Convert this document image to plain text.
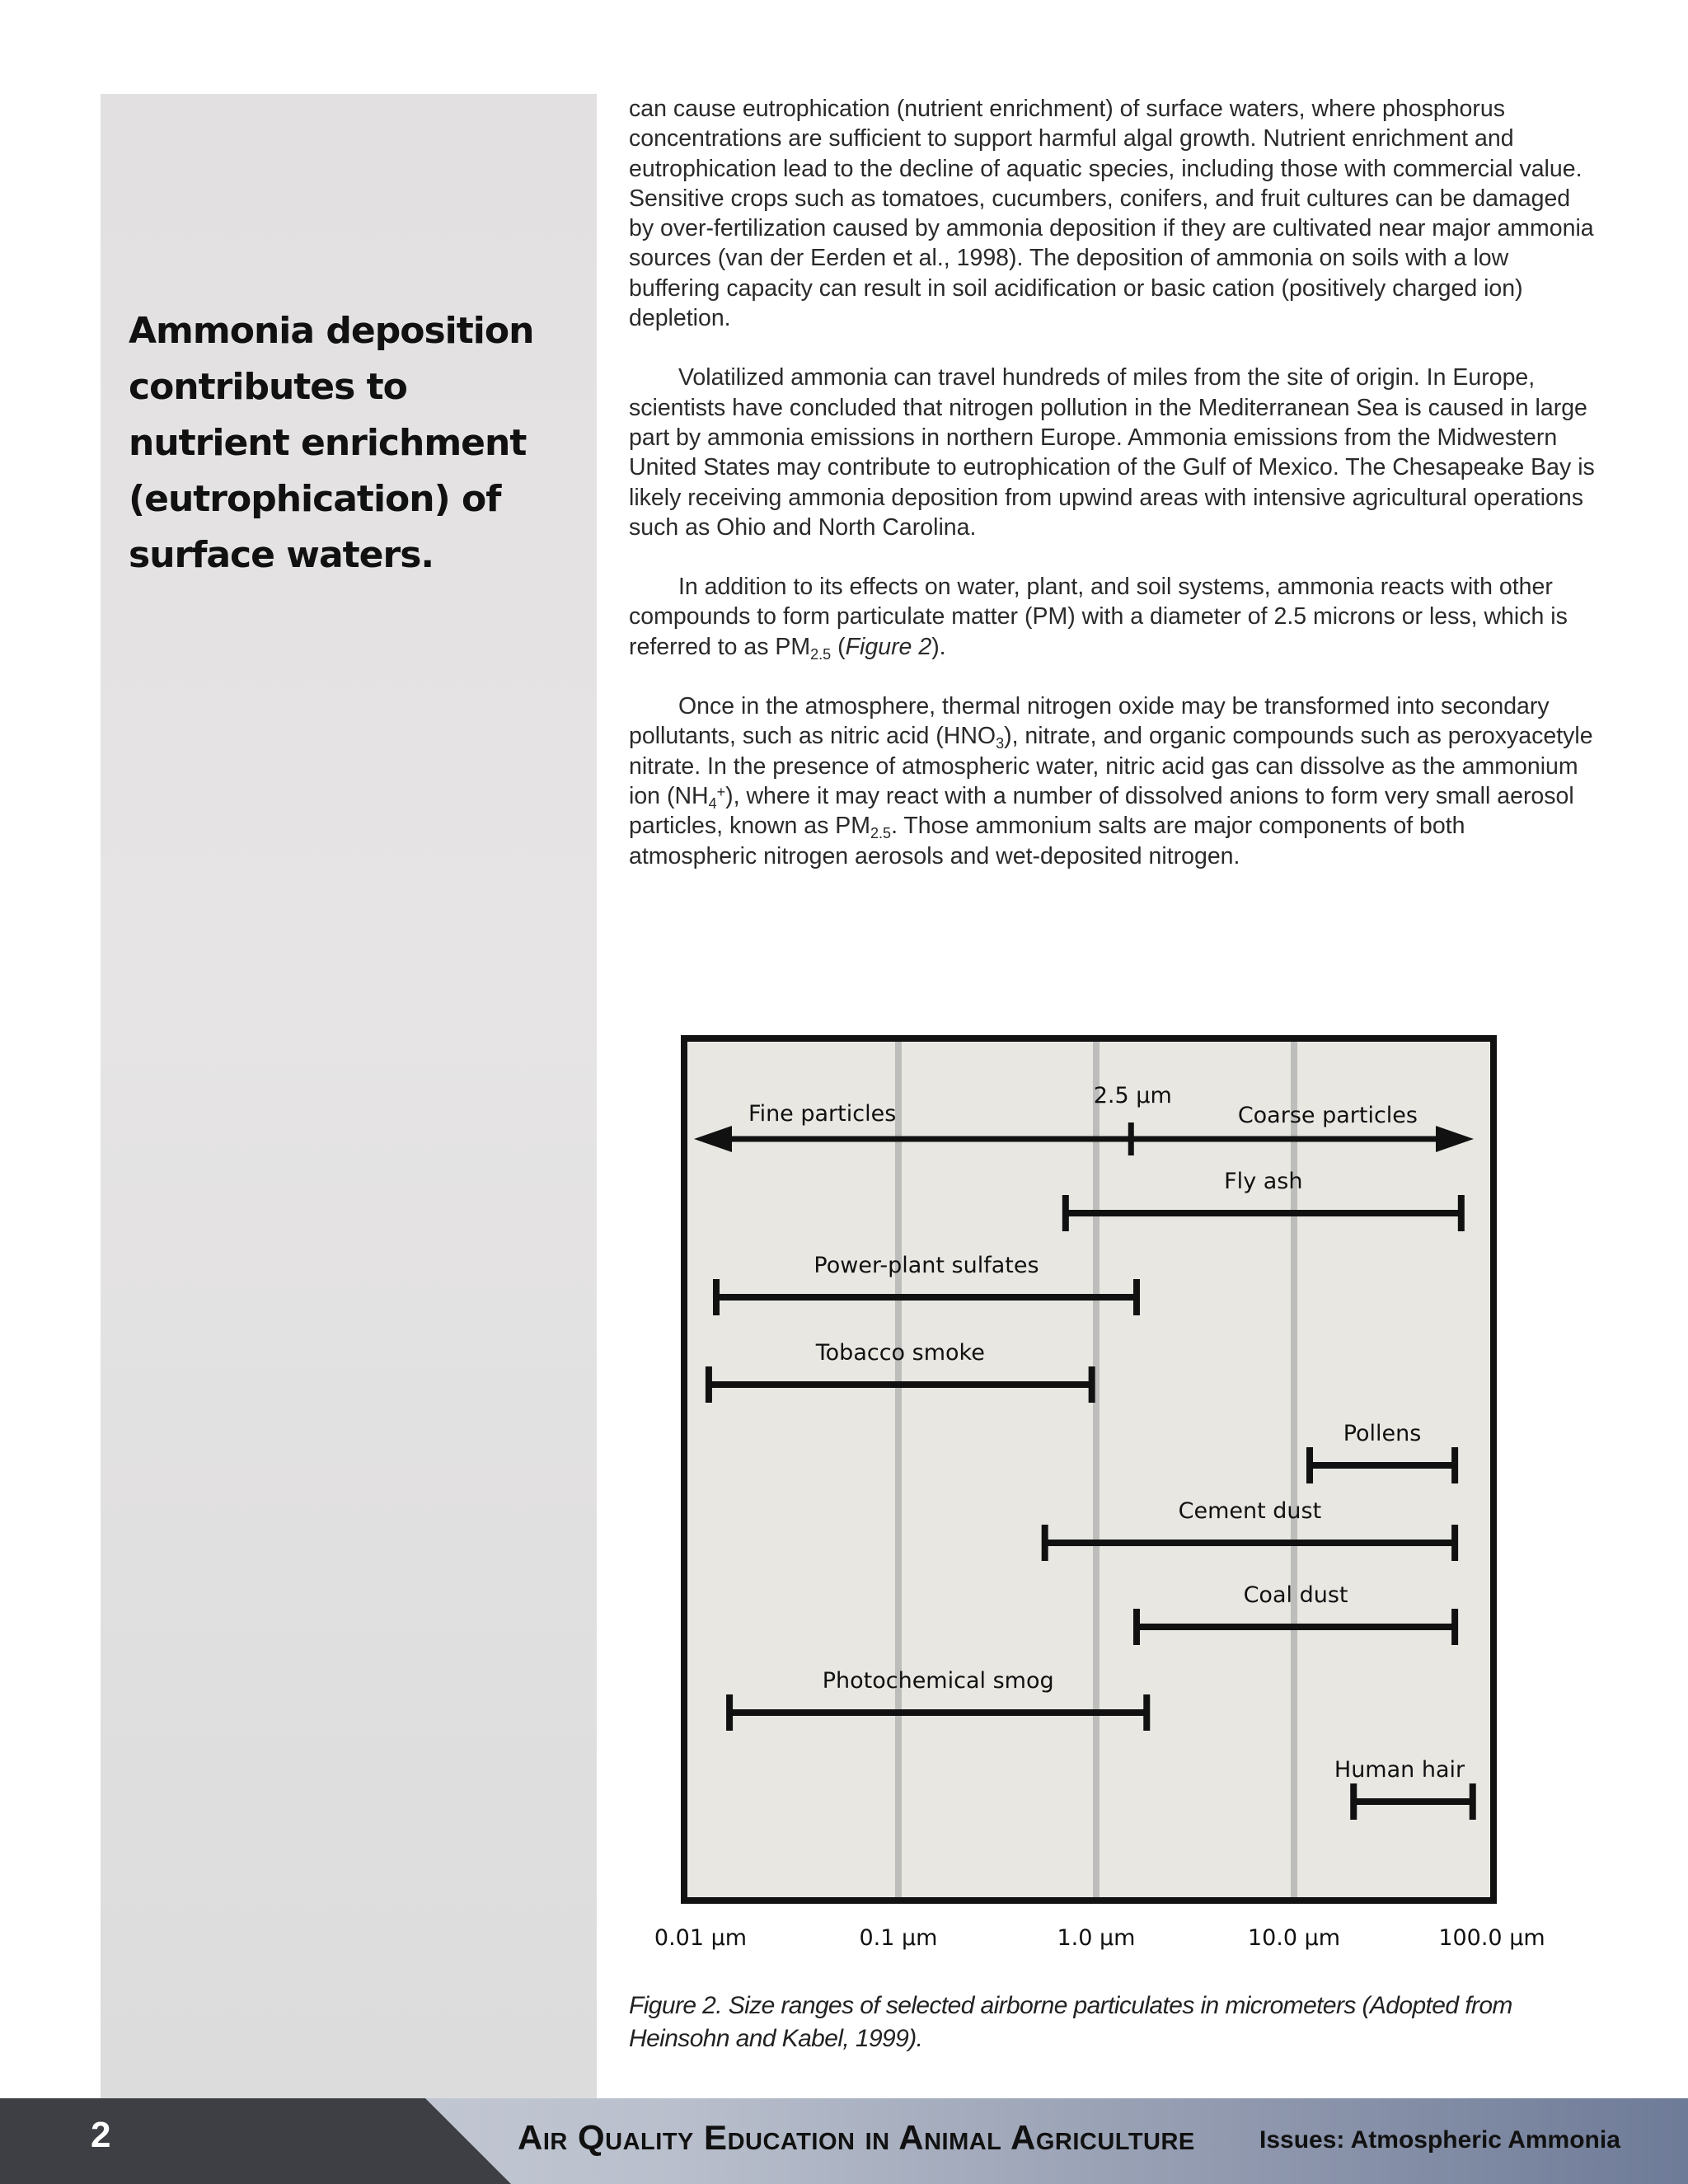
Ammonia deposition contributes to nutrient enrichment (eutrophication) of surface waters.

can cause eutrophication (nutrient enrichment) of surface waters, where phosphorus concentrations are sufficient to support harmful algal growth. Nutrient enrichment and eutrophication lead to the decline of aquatic species, including those with commercial value. Sensitive crops such as tomatoes, cucumbers, conifers, and fruit cultures can be damaged by over-fertilization caused by ammonia deposition if they are cultivated near major ammonia sources (van der Eerden et al., 1998). The deposition of ammonia on soils with a low buffering capacity can result in soil acidification or basic cation (positively charged ion) depletion.

Volatilized ammonia can travel hundreds of miles from the site of origin. In Europe, scientists have concluded that nitrogen pollution in the Mediterranean Sea is caused in large part by ammonia emissions in northern Europe. Ammonia emissions from the Midwestern United States may contribute to eutrophication of the Gulf of Mexico. The Chesapeake Bay is likely receiving ammonia deposition from upwind areas with intensive agricultural operations such as Ohio and North Carolina.

In addition to its effects on water, plant, and soil systems, ammonia reacts with other compounds to form particulate matter (PM) with a diameter of 2.5 microns or less, which is referred to as $PM_{2.5}$ (Figure 2).

Once in the atmosphere, thermal nitrogen oxide may be transformed into secondary pollutants, such as nitric acid $(HNO_3)$, nitrate, and organic compounds such as peroxyacetyle nitrate. In the presence of atmospheric water, nitric acid gas can dissolve as the ammonium ion $(NH_4^+)$, where it may react with a number of dissolved anions to form very small aerosol particles, known as $PM_{2.5}$. Those ammonium salts are major components of both atmospheric nitrogen aerosols and wet-deposited nitrogen.

2.5 µm
Fine particles	Coarse particles
Fly ash
Power-plant sulfates
Tobacco smoke
Pollens
Cement dust
Coal dust
Photochemical smog
Human hair
0.01 µm	0.1 µm	1.0 µm	10.0 µm	100.0 µm
Figure 2. Size ranges of selected airborne particulates in micrometers (Adopted from Heinsohn and Kabel, 1999).
2	Air Quality Education in Animal Agriculture	Issues: Atmospheric Ammonia
